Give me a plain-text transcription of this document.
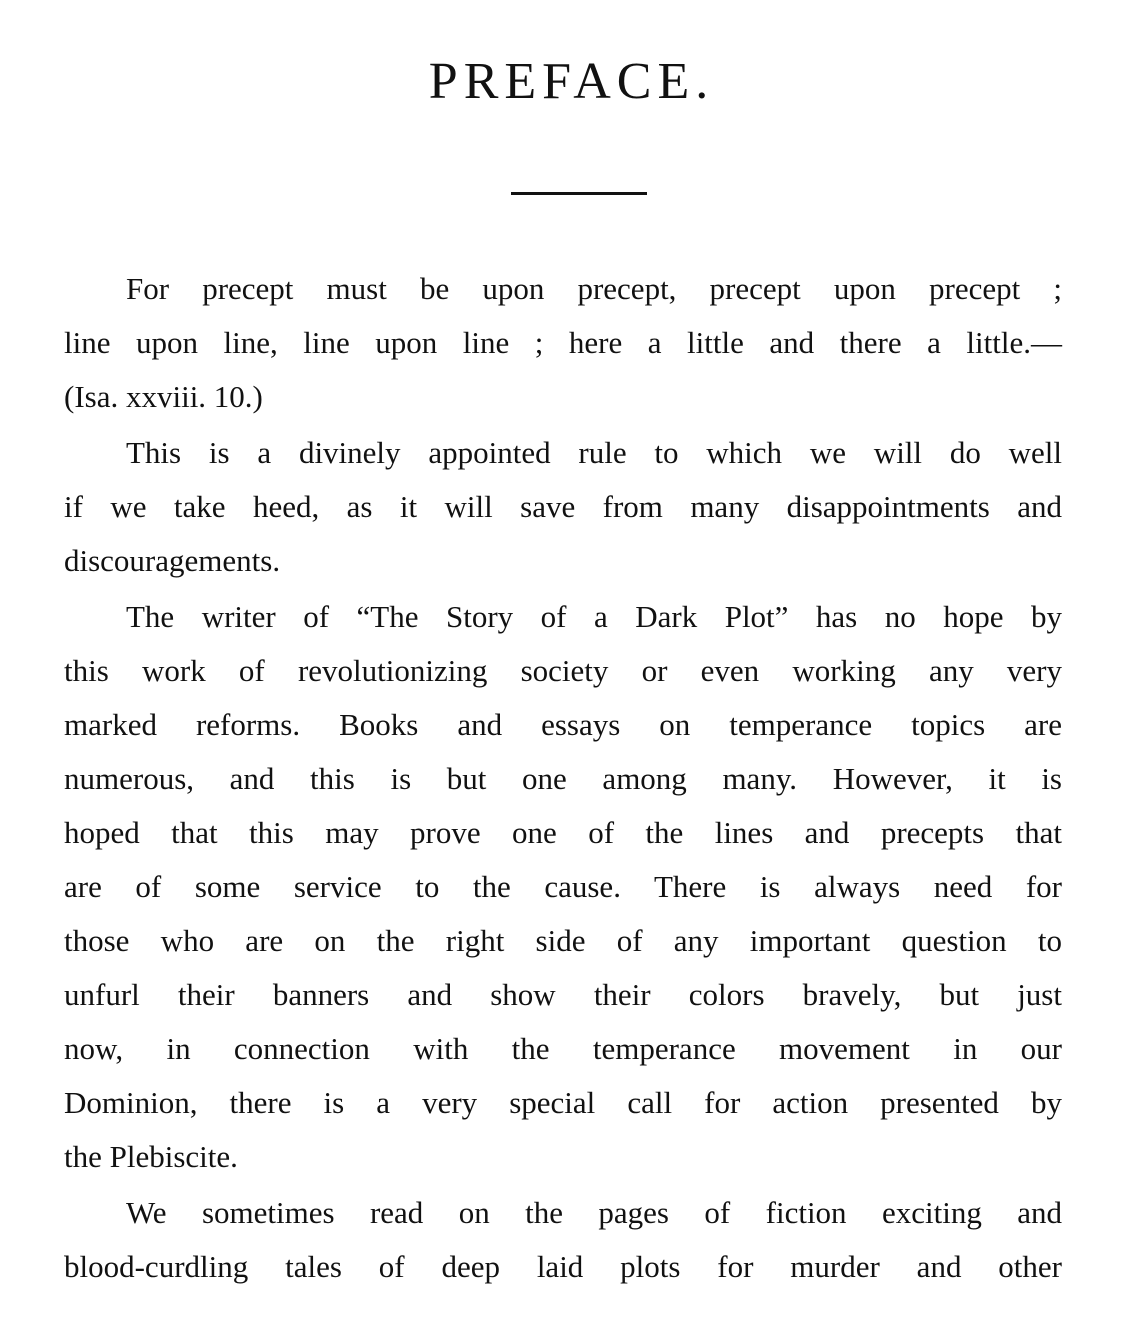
PREFACE.
For precept must be upon precept, precept upon precept ;
line upon line, line upon line ; here a little and there a little.—
(Isa. xxviii. 10.)
This is a divinely appointed rule to which we will do well
if we take heed, as it will save from many disappointments and
discouragements.
The writer of “The Story of a Dark Plot” has no hope by
this work of revolutionizing society or even working any very
marked reforms. Books and essays on temperance topics are
numerous, and this is but one among many. However, it is
hoped that this may prove one of the lines and precepts that
are of some service to the cause. There is always need for
those who are on the right side of any important question to
unfurl their banners and show their colors bravely, but just
now, in connection with the temperance movement in our
Dominion, there is a very special call for action presented by
the Plebiscite.
We sometimes read on the pages of fiction exciting and
blood-curdling tales of deep laid plots for murder and other
